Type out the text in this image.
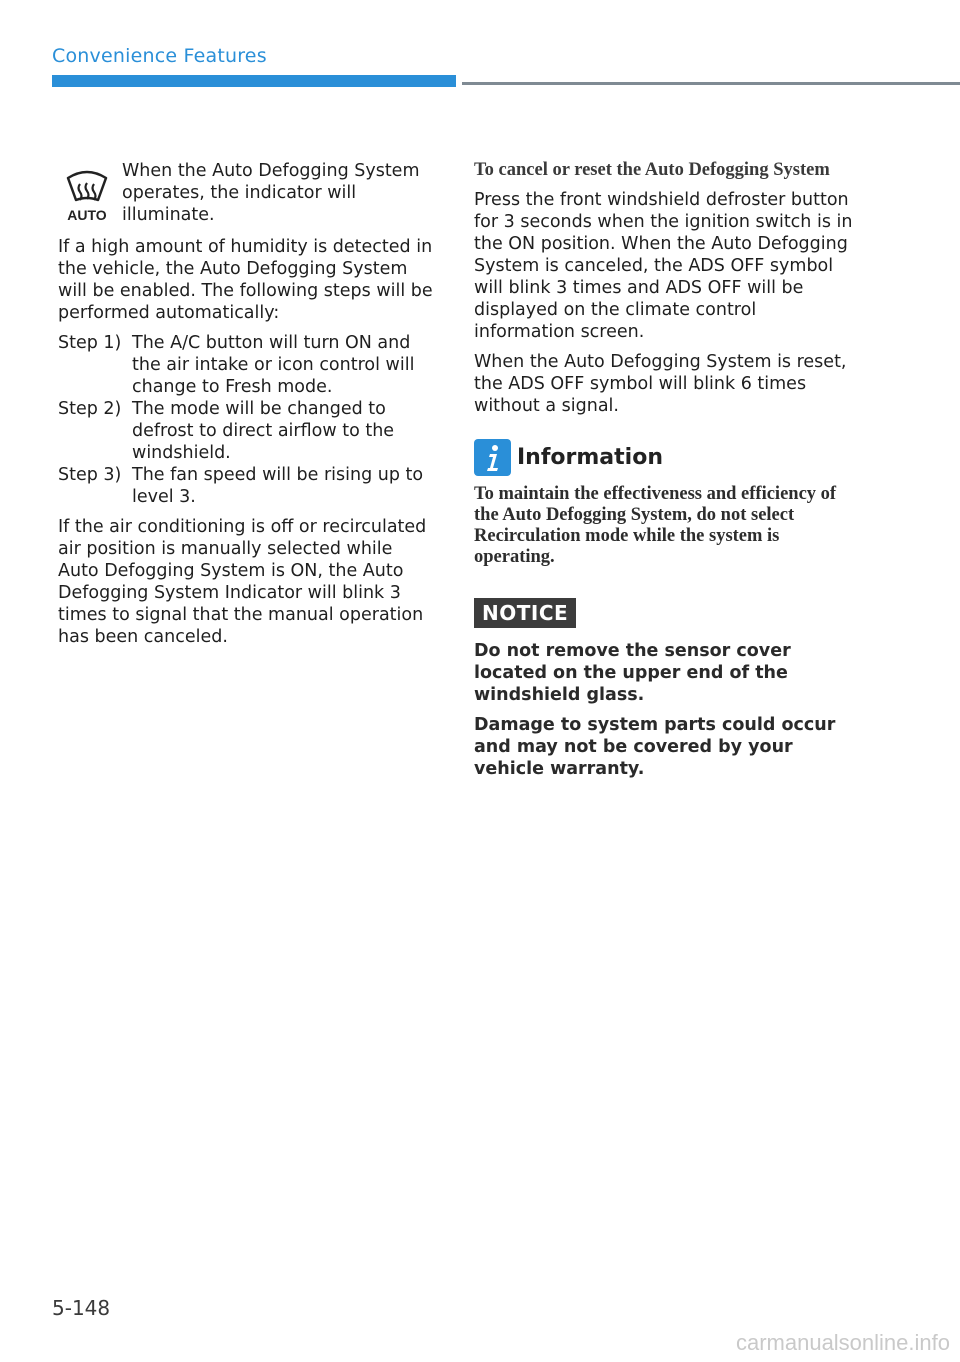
Convenience Features
AUTO
When the Auto Defogging System operates, the indicator will illuminate.

If a high amount of humidity is detected in the vehicle, the Auto Defogging System will be enabled. The following steps will be performed automatically:

Step 1) The A/C button will turn ON and the air intake or icon control will change to Fresh mode.
Step 2) The mode will be changed to defrost to direct airflow to the windshield.
Step 3) The fan speed will be rising up to level 3.

If the air conditioning is off or recirculated air position is manually selected while Auto Defogging System is ON, the Auto Defogging System Indicator will blink 3 times to signal that the manual operation has been canceled.

To cancel or reset the Auto Defogging System

Press the front windshield defroster button for 3 seconds when the ignition switch is in the ON position. When the Auto Defogging System is canceled, the ADS OFF symbol will blink 3 times and ADS OFF will be displayed on the climate control information screen.

When the Auto Defogging System is reset, the ADS OFF symbol will blink 6 times without a signal.

Information
To maintain the effectiveness and efficiency of the Auto Defogging System, do not select Recirculation mode while the system is operating.
NOTICE

Do not remove the sensor cover located on the upper end of the windshield glass.

Damage to system parts could occur and may not be covered by your vehicle warranty.

5-148
carmanualsonline.info
